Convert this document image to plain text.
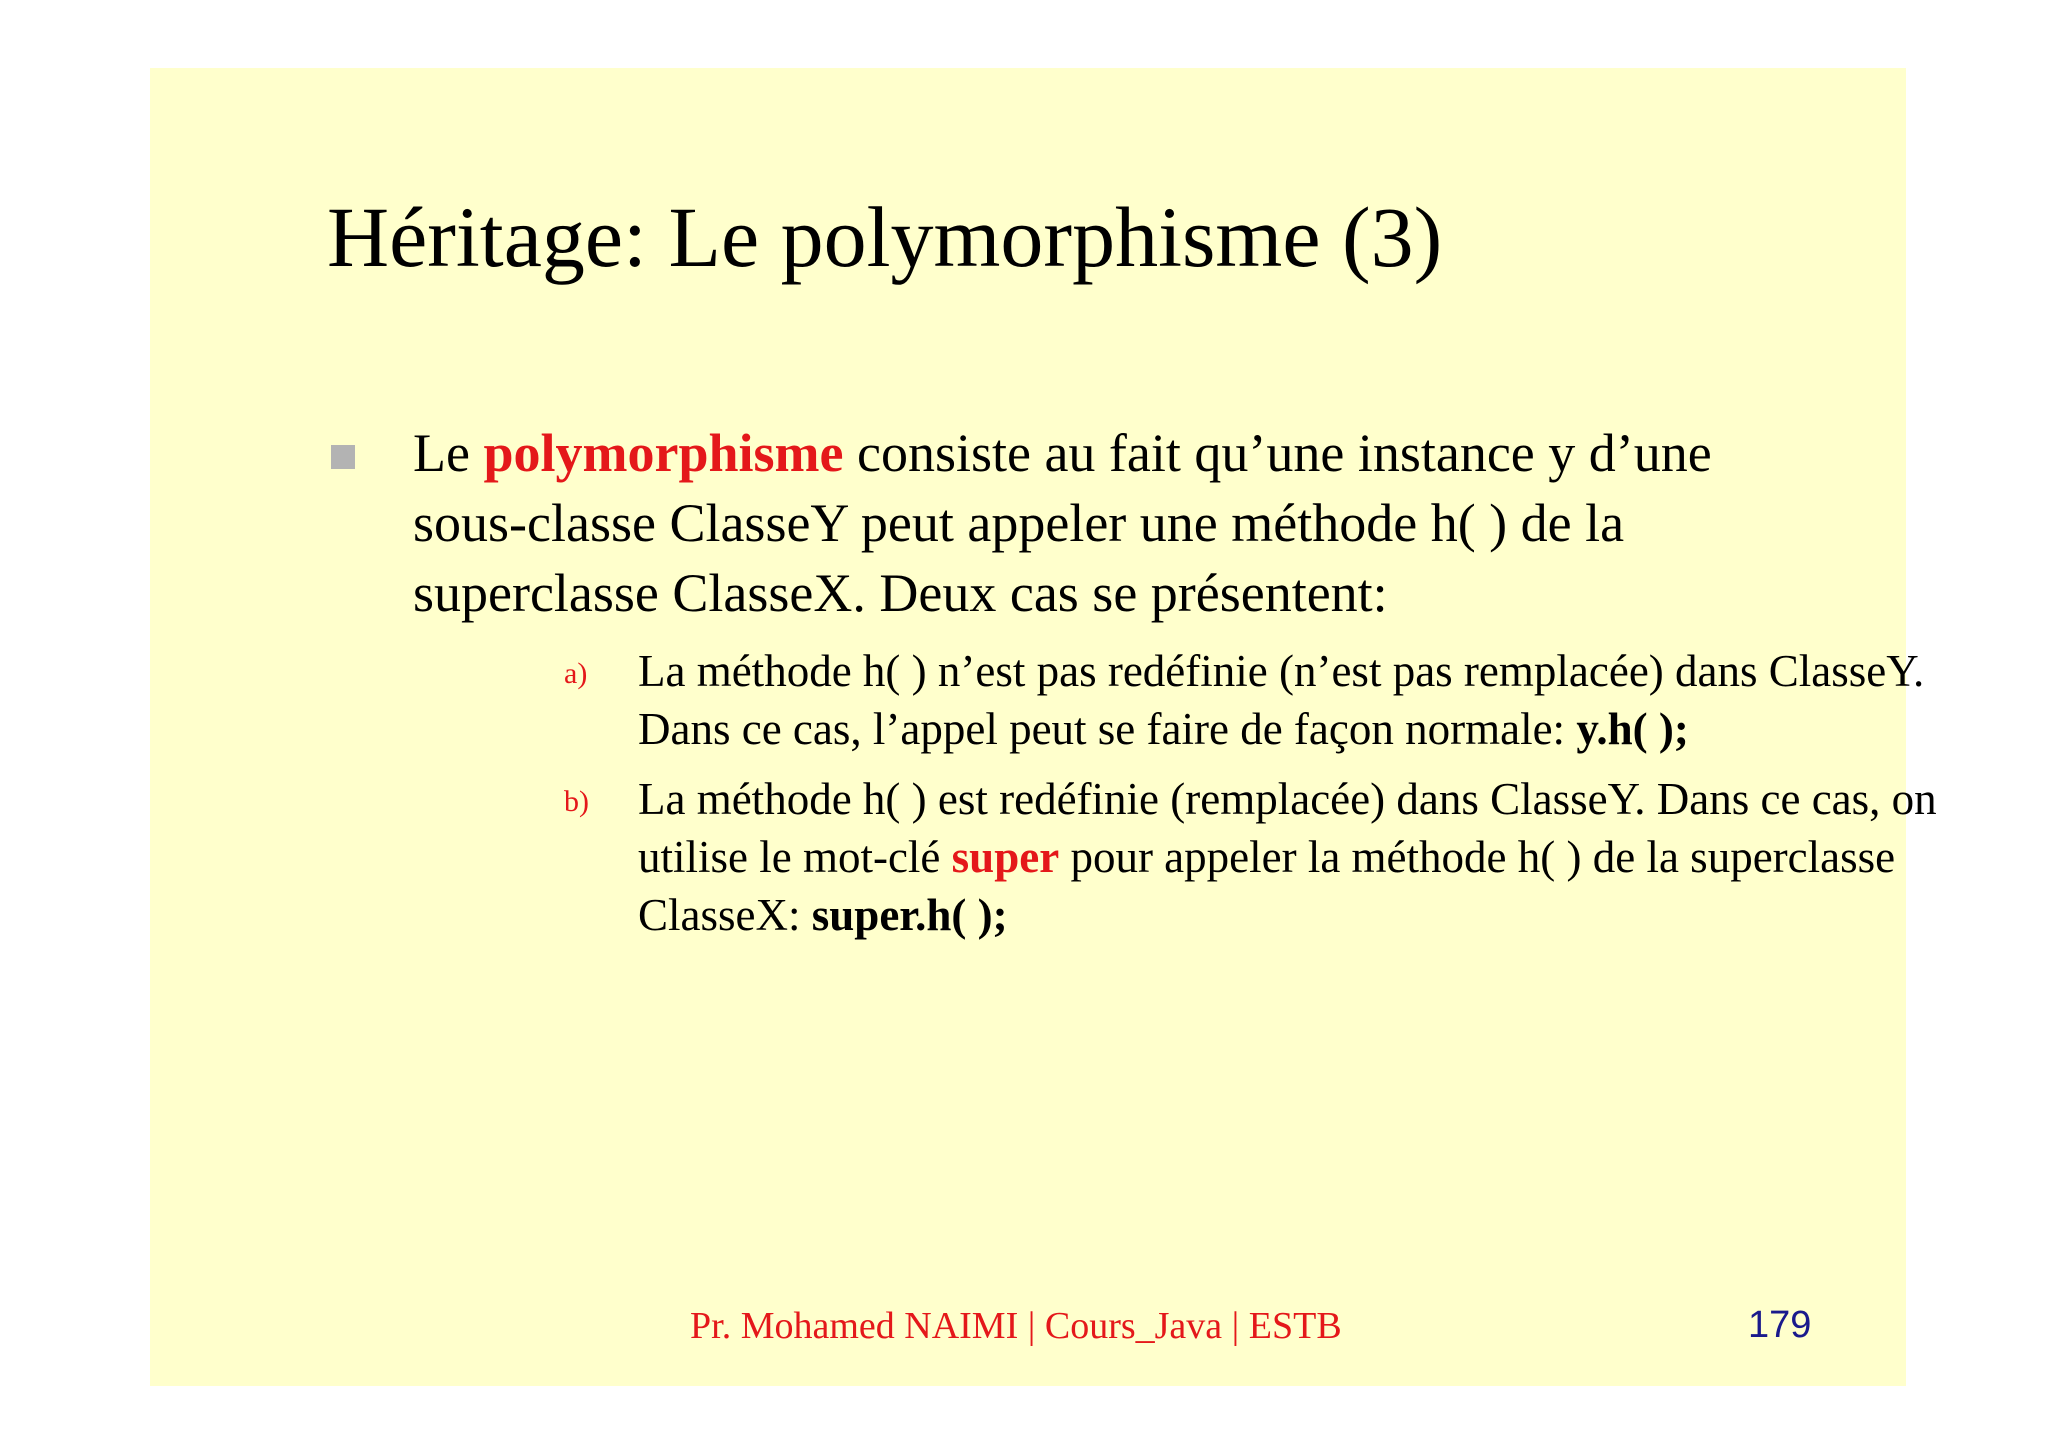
Héritage: Le polymorphisme (3)
Le polymorphisme consiste au fait qu’une instance y d’une sous-classe ClasseY peut appeler une méthode h( ) de la superclasse ClasseX. Deux cas se présentent:
a)	La méthode h( ) n’est pas redéfinie (n’est pas remplacée) dans ClasseY. Dans ce cas, l’appel peut se faire de façon normale: y.h( );
b)	La méthode h( ) est redéfinie (remplacée) dans ClasseY. Dans ce cas, on utilise le mot-clé super pour appeler la méthode h( ) de la superclasse ClasseX: super.h( );
Pr. Mohamed NAIMI | Cours_Java | ESTB	179
